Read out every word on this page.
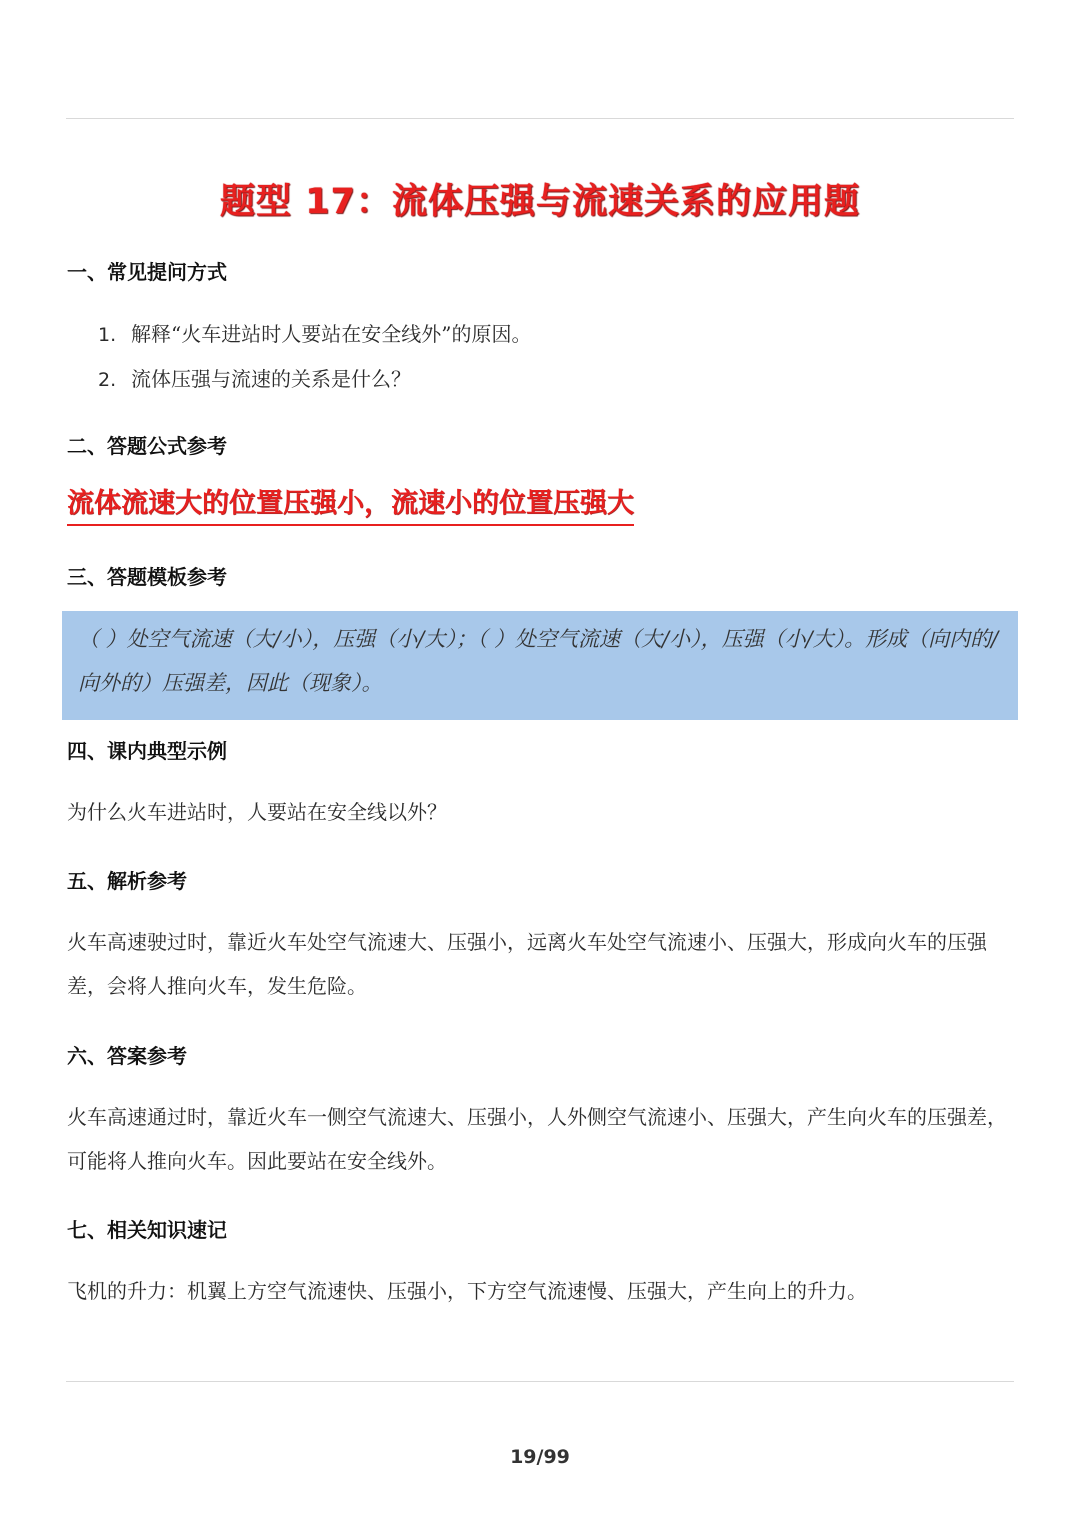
题型 17：流体压强与流速关系的应用题
一、常见提问方式
1. 解释“火车进站时人要站在安全线外”的原因。
2. 流体压强与流速的关系是什么？
二、答题公式参考
流体流速大的位置压强小，流速小的位置压强大
三、答题模板参考
（ ）处空气流速（大/小），压强（小/大）；（ ）处空气流速（大/小），压强（小/大）。形成（向内的/向外的）压强差，因此（现象）。
四、课内典型示例
为什么火车进站时，人要站在安全线以外？
五、解析参考
火车高速驶过时，靠近火车处空气流速大、压强小，远离火车处空气流速小、压强大，形成向火车的压强差，会将人推向火车，发生危险。
六、答案参考
火车高速通过时，靠近火车一侧空气流速大、压强小，人外侧空气流速小、压强大，产生向火车的压强差，可能将人推向火车。因此要站在安全线外。
七、相关知识速记
飞机的升力：机翼上方空气流速快、压强小，下方空气流速慢、压强大，产生向上的升力。
19/99
